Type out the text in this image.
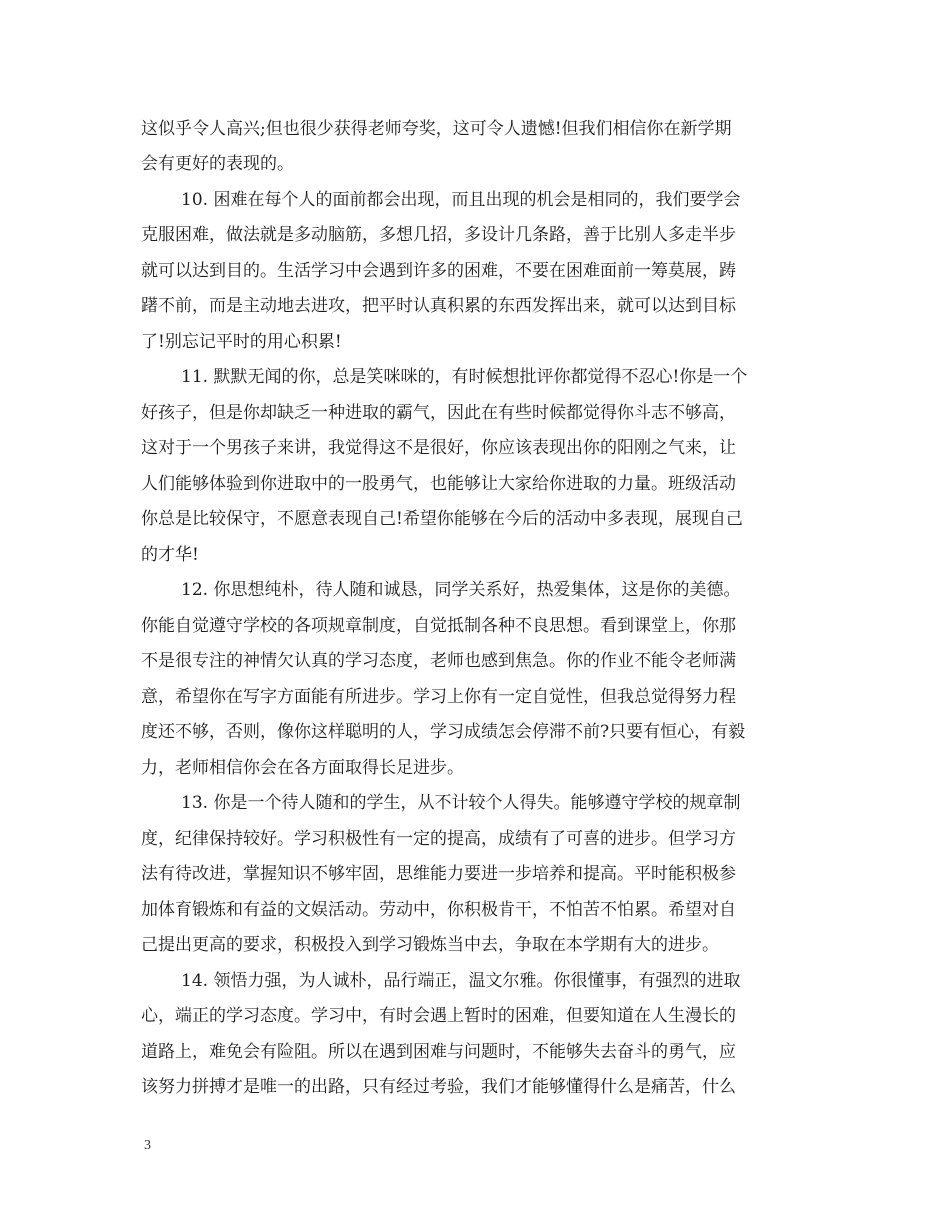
这似乎令人高兴;但也很少获得老师夸奖，这可令人遗憾!但我们相信你在新学期
会有更好的表现的。
10. 困难在每个人的面前都会出现，而且出现的机会是相同的，我们要学会
克服困难，做法就是多动脑筋，多想几招，多设计几条路，善于比别人多走半步
就可以达到目的。生活学习中会遇到许多的困难，不要在困难面前一筹莫展，踌
躇不前，而是主动地去进攻，把平时认真积累的东西发挥出来，就可以达到目标
了!别忘记平时的用心积累!
11. 默默无闻的你，总是笑咪咪的，有时候想批评你都觉得不忍心!你是一个
好孩子，但是你却缺乏一种进取的霸气，因此在有些时候都觉得你斗志不够高，
这对于一个男孩子来讲，我觉得这不是很好，你应该表现出你的阳刚之气来，让
人们能够体验到你进取中的一股勇气，也能够让大家给你进取的力量。班级活动
你总是比较保守，不愿意表现自己!希望你能够在今后的活动中多表现，展现自己
的才华!
12. 你思想纯朴，待人随和诚恳，同学关系好，热爱集体，这是你的美德。
你能自觉遵守学校的各项规章制度，自觉抵制各种不良思想。看到课堂上，你那
不是很专注的神情欠认真的学习态度，老师也感到焦急。你的作业不能令老师满
意，希望你在写字方面能有所进步。学习上你有一定自觉性，但我总觉得努力程
度还不够，否则，像你这样聪明的人，学习成绩怎会停滞不前?只要有恒心，有毅
力，老师相信你会在各方面取得长足进步。
13. 你是一个待人随和的学生，从不计较个人得失。能够遵守学校的规章制
度，纪律保持较好。学习积极性有一定的提高，成绩有了可喜的进步。但学习方
法有待改进，掌握知识不够牢固，思维能力要进一步培养和提高。平时能积极参
加体育锻炼和有益的文娱活动。劳动中，你积极肯干，不怕苦不怕累。希望对自
己提出更高的要求，积极投入到学习锻炼当中去，争取在本学期有大的进步。
14. 领悟力强，为人诚朴，品行端正，温文尔雅。你很懂事，有强烈的进取
心，端正的学习态度。学习中，有时会遇上暂时的困难，但要知道在人生漫长的
道路上，难免会有险阻。所以在遇到困难与问题时，不能够失去奋斗的勇气，应
该努力拼搏才是唯一的出路，只有经过考验，我们才能够懂得什么是痛苦，什么
3
